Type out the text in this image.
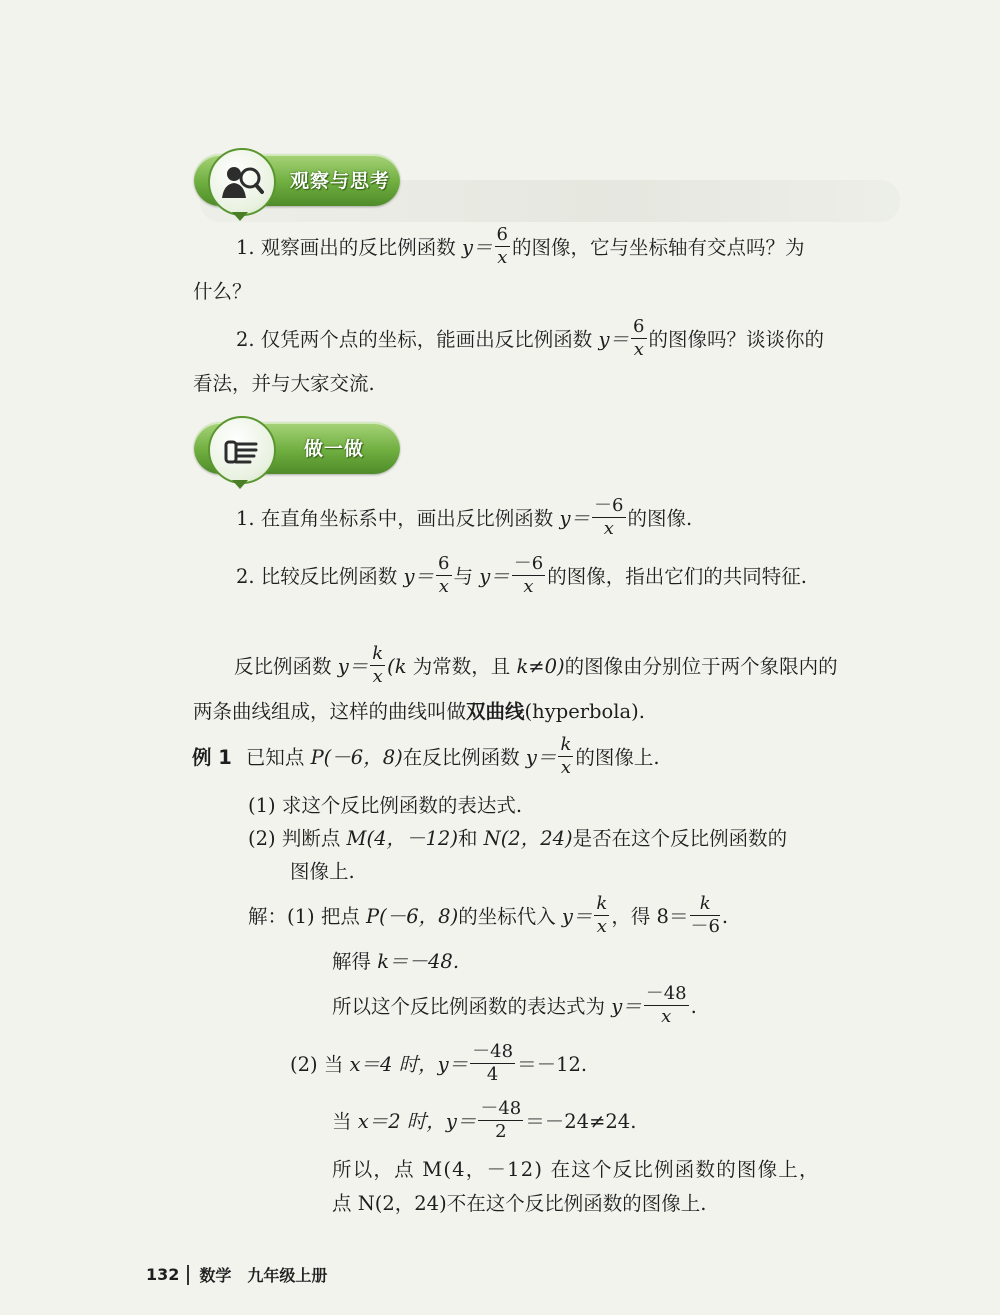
观察与思考
1. 观察画出的反比例函数 $y= \frac{6}{x}$ 的图像，它与坐标轴有交点吗？为
什么？
2. 仅凭两个点的坐标，能画出反比例函数 $y= \frac{6}{x}$ 的图像吗？谈谈你的
看法，并与大家交流.
做一做
1. 在直角坐标系中，画出反比例函数 $y= \frac{-6}{x}$ 的图像.
2. 比较反比例函数 $y= \frac{6}{x}$ 与 $y= \frac{-6}{x}$ 的图像，指出它们的共同特征.
反比例函数 $y= \frac{k}{x} (k$ 为常数，且 k≠0)的图像由分别位于两个象限内的
两条曲线组成，这样的曲线叫做双曲线(hyperbola).
例 1 已知点 P(－6，8)在反比例函数 $y= \frac{k}{x}$ 的图像上.
(1) 求这个反比例函数的表达式.
(2) 判断点 M(4，－12)和 N(2，24)是否在这个反比例函数的
图像上.
解：(1) 把点 P(－6，8)的坐标代入 $y= \frac{k}{x}$ ，得 $8= \frac{k}{-6}$ .
解得 k＝－48.
所以这个反比例函数的表达式为 $y= \frac{-48}{x}$ .
(2) 当 x＝4 时，$y= \frac{-48}{4} =-12$.
当 x＝2 时，$y= \frac{-48}{2} =-24\ne 24$.
所以，点 M(4，－12) 在这个反比例函数的图像上，
点 N(2，24)不在这个反比例函数的图像上.
132 数学　九年级上册
